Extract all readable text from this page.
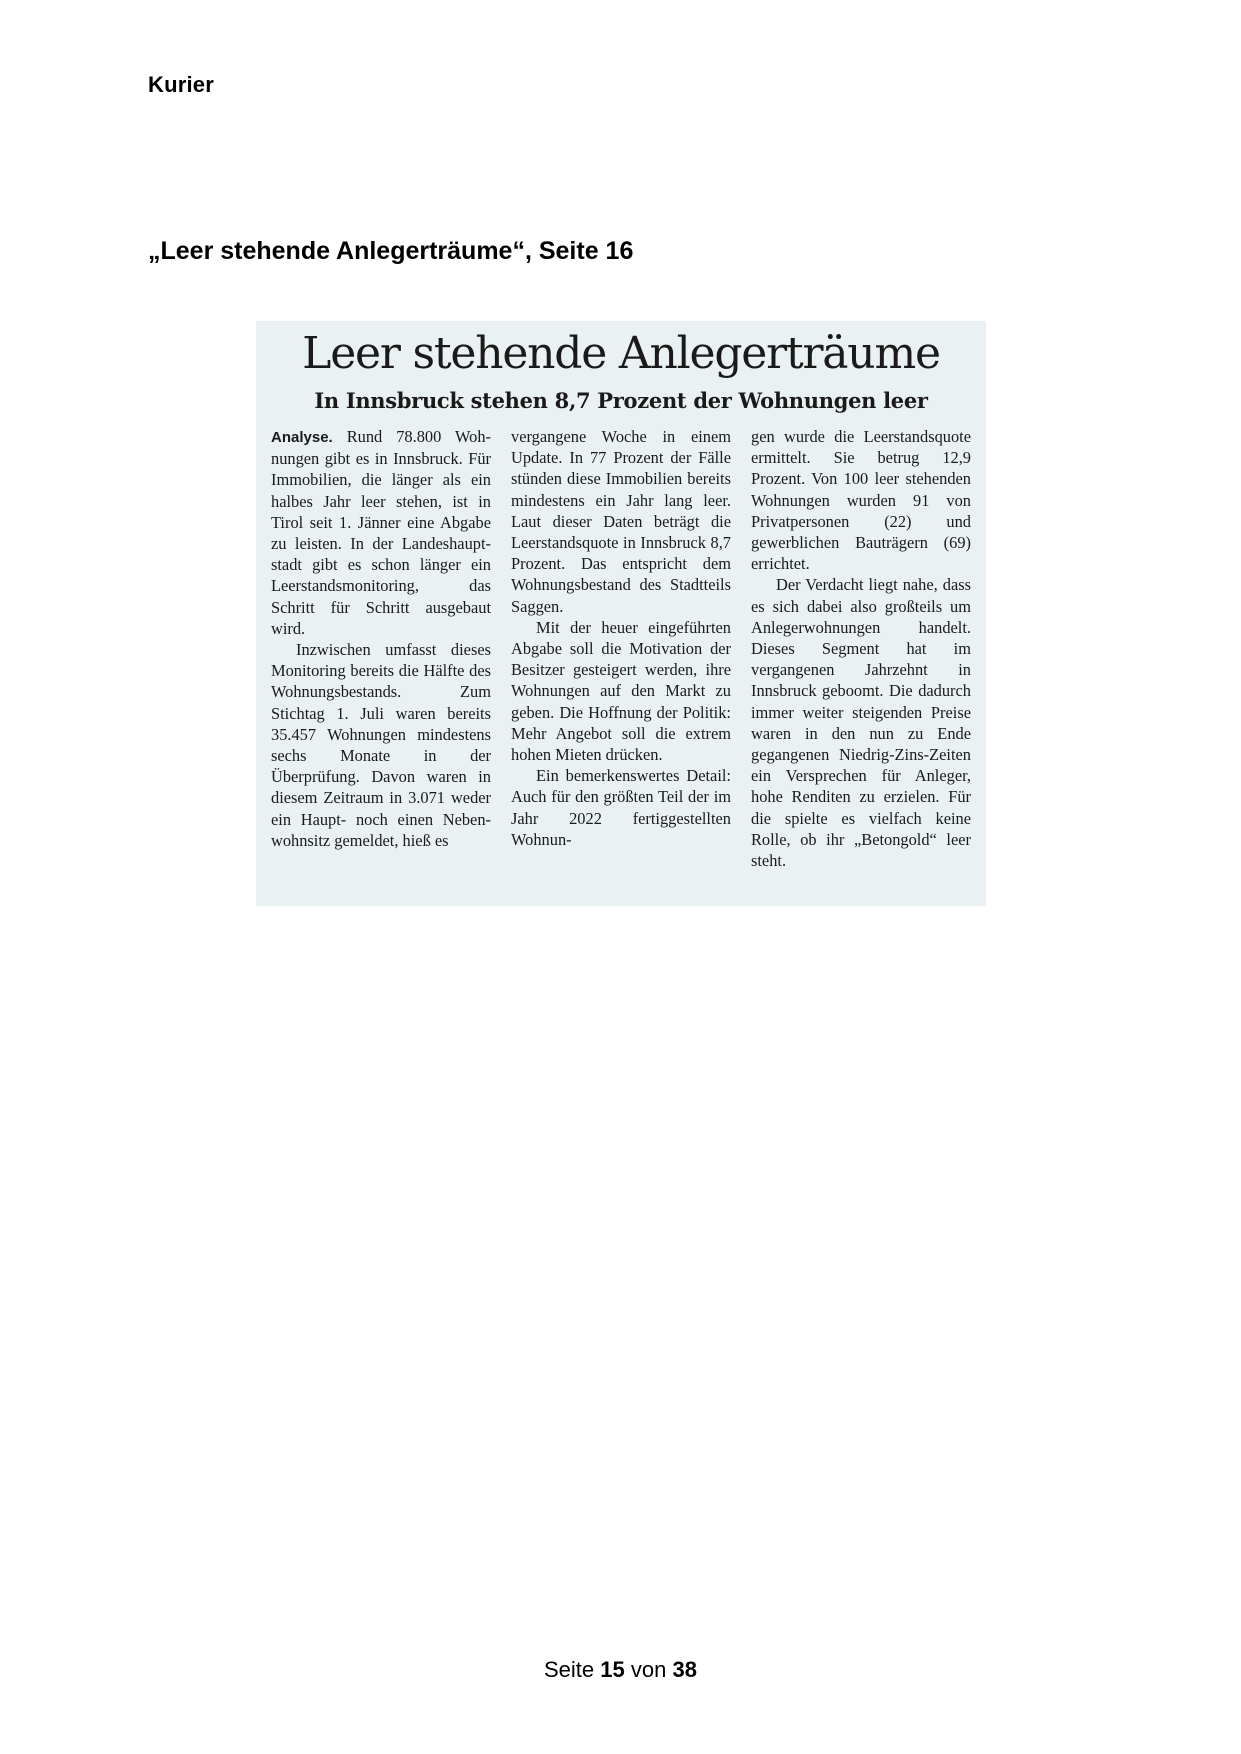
Kurier
„Leer stehende Anlegerträume“, Seite 16
Leer stehende Anlegerträume
In Innsbruck stehen 8,7 Prozent der Wohnungen leer

Analyse. Rund 78.800 Wohnungen gibt es in Innsbruck. Für Immobilien, die länger als ein halbes Jahr leer stehen, ist in Tirol seit 1. Jänner eine Abgabe zu leisten. In der Landeshauptstadt gibt es schon länger ein Leerstandsmonitoring, das Schritt für Schritt ausgebaut wird.

Inzwischen umfasst dieses Monitoring bereits die Hälfte des Wohnungsbestands. Zum Stichtag 1. Juli waren bereits 35.457 Wohnungen mindestens sechs Monate in der Überprüfung. Davon waren in diesem Zeitraum in 3.071 weder ein Haupt- noch einen Nebenwohnsitz gemeldet, hieß es

vergangene Woche in einem Update. In 77 Prozent der Fälle stünden diese Immobilien bereits mindestens ein Jahr lang leer. Laut dieser Daten beträgt die Leerstandsquote in Innsbruck 8,7 Prozent. Das entspricht dem Wohnungsbestand des Stadtteils Saggen.

Mit der heuer eingeführten Abgabe soll die Motivation der Besitzer gesteigert werden, ihre Wohnungen auf den Markt zu geben. Die Hoffnung der Politik: Mehr Angebot soll die extrem hohen Mieten drücken.

Ein bemerkenswertes Detail: Auch für den größten Teil der im Jahr 2022 fertiggestellten Wohnun-

gen wurde die Leerstandsquote ermittelt. Sie betrug 12,9 Prozent. Von 100 leer stehenden Wohnungen wurden 91 von Privatpersonen (22) und gewerblichen Bauträgern (69) errichtet.

Der Verdacht liegt nahe, dass es sich dabei also großteils um Anlegerwohnungen handelt. Dieses Segment hat im vergangenen Jahrzehnt in Innsbruck geboomt. Die dadurch immer weiter steigenden Preise waren in den nun zu Ende gegangenen Niedrig-Zins-Zeiten ein Versprechen für Anleger, hohe Renditen zu erzielen. Für die spielte es vielfach keine Rolle, ob ihr „Betongold“ leer steht.

Seite 15 von 38
